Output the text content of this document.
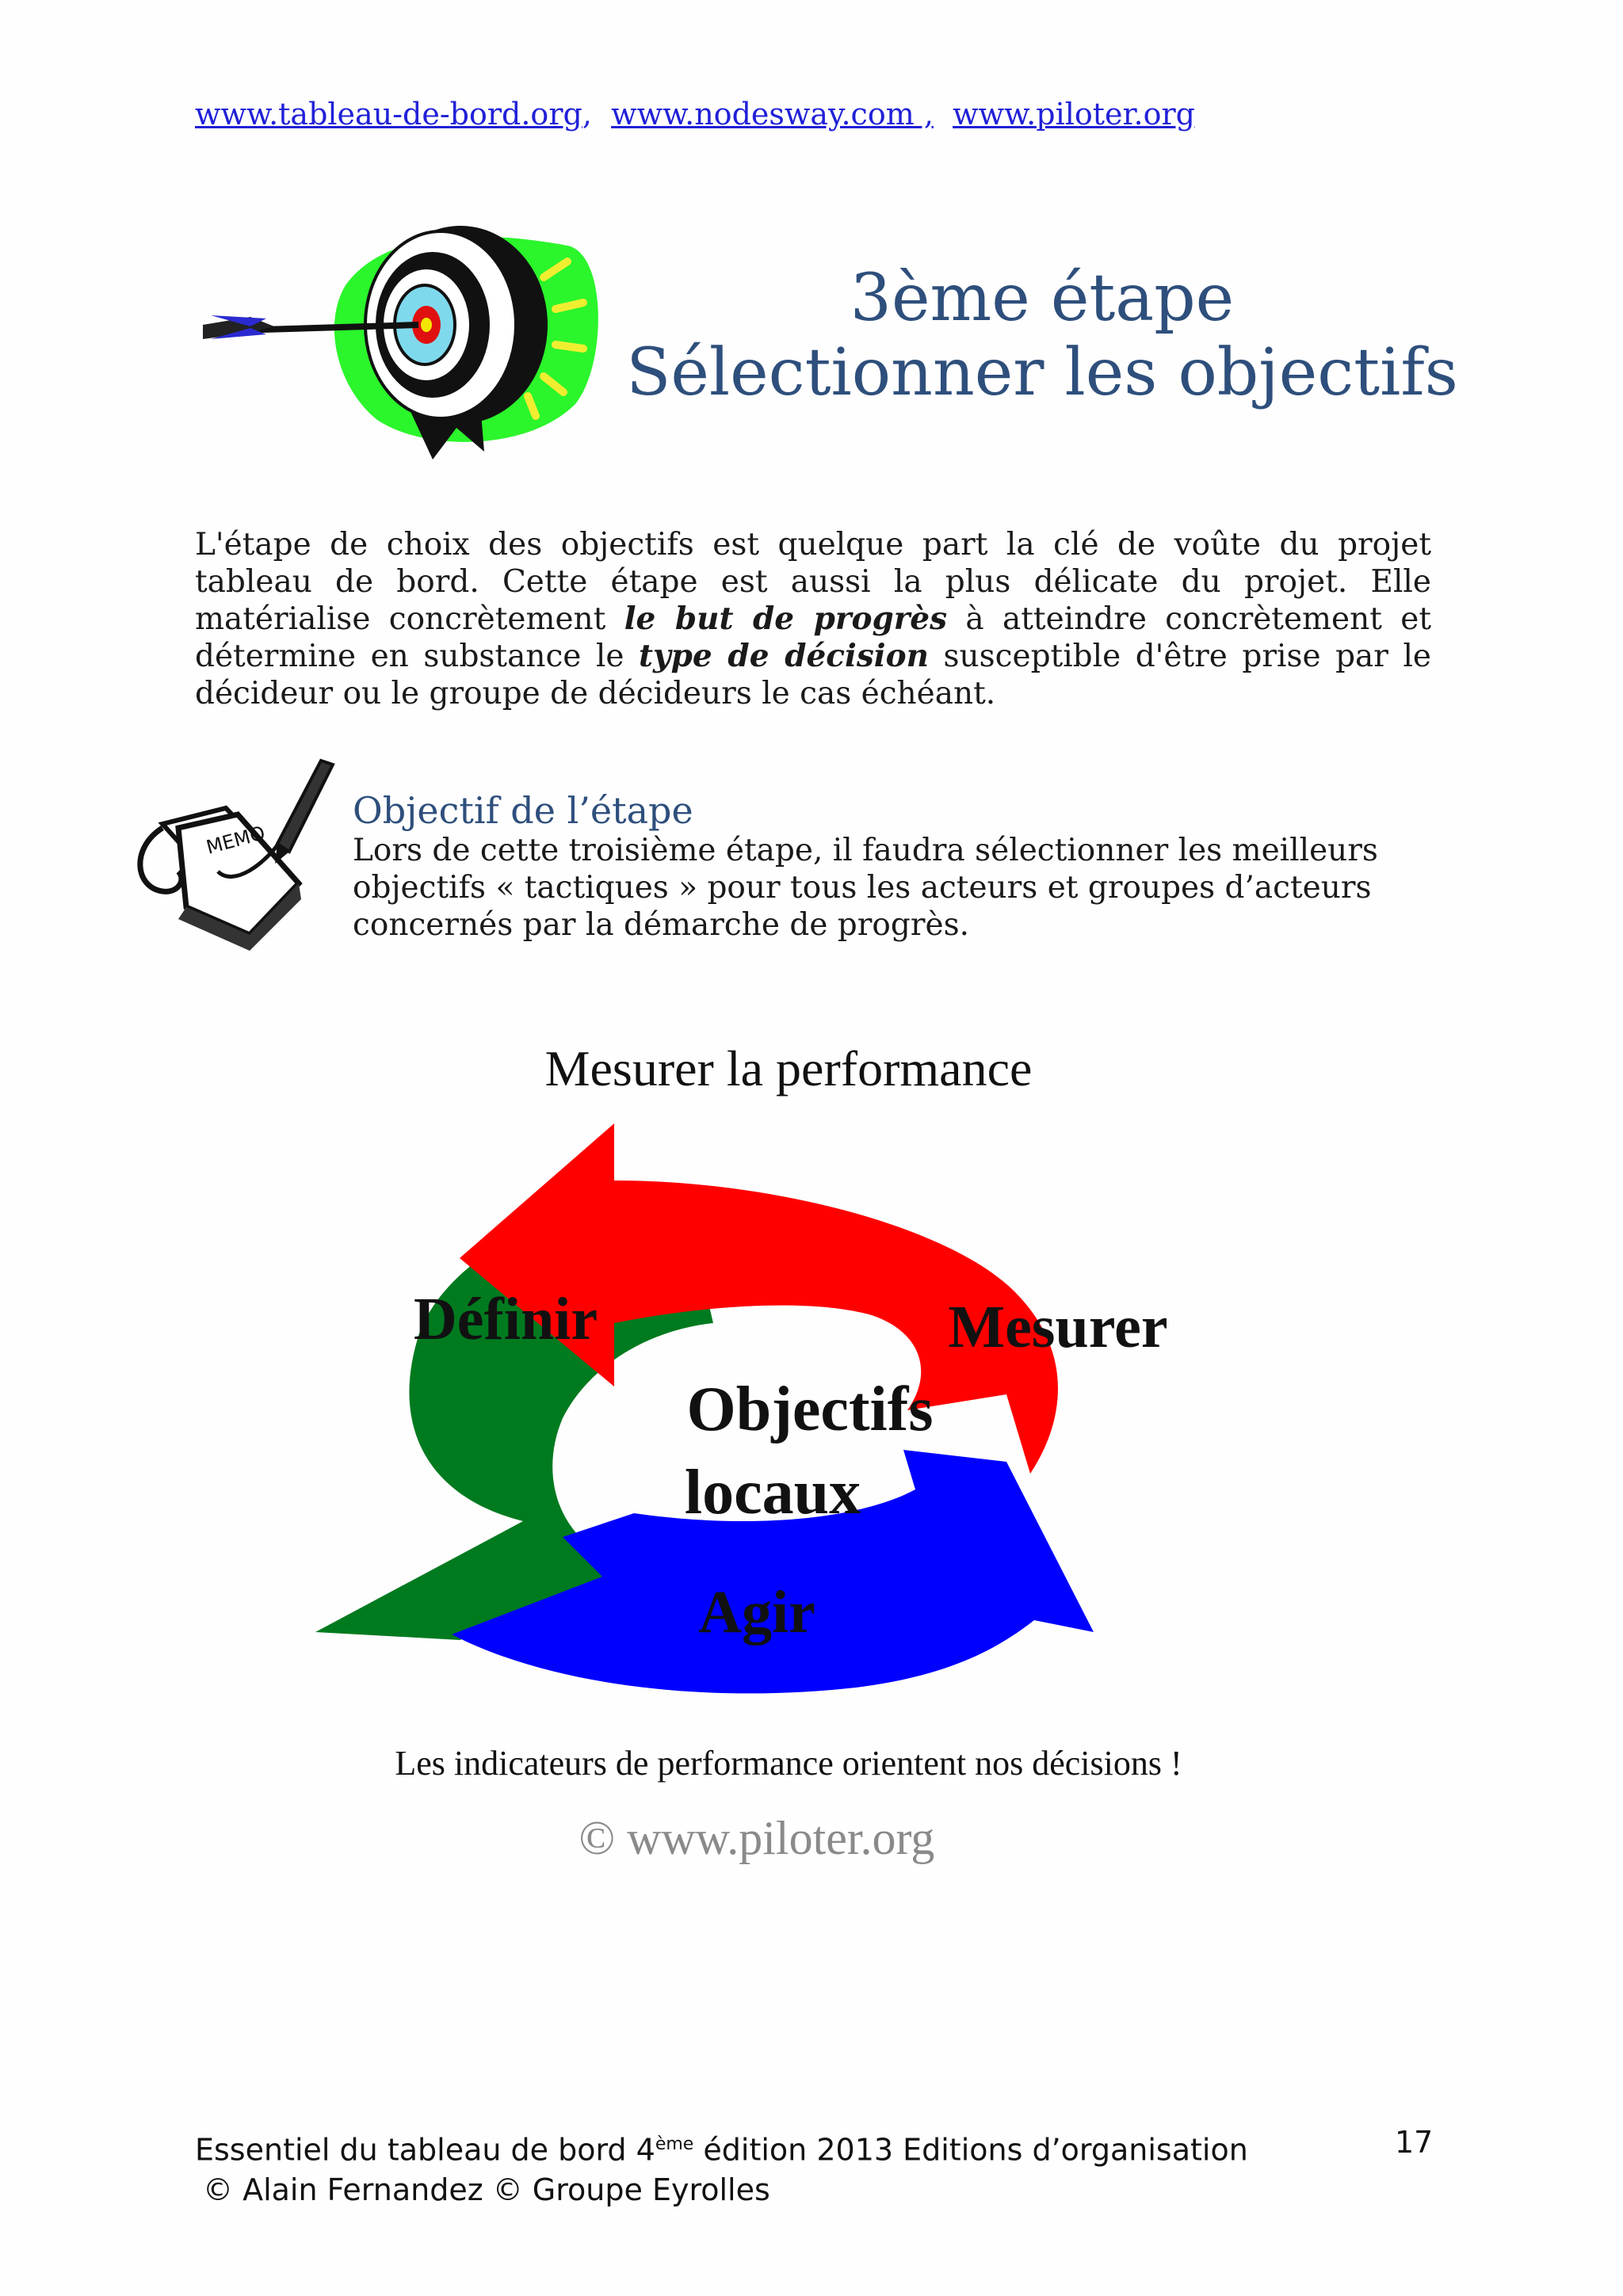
www.tableau-de-bord.org,  www.nodesway.com , www.piloter.org
3ème étape
Sélectionner les objectifs
L'étape de choix des objectifs est quelque part la clé de voûte du projet tableau de bord. Cette étape est aussi la plus délicate du projet. Elle matérialise concrètement le but de progrès à atteindre concrètement et détermine en substance le type de décision susceptible d'être prise par le décideur ou le groupe de décideurs le cas échéant.
MEMO
Objectif de l’étape
Lors de cette troisième étape, il faudra sélectionner les meilleurs objectifs « tactiques » pour tous les acteurs et groupes d’acteurs concernés par la démarche de progrès.
Mesurer la performance
Définir	Mesurer
Agir
Objectifs
locaux
Les indicateurs de performance orientent nos décisions !
© www.piloter.org
Essentiel du tableau de bord 4ème édition 2013 Editions d’organisation
© Alain Fernandez © Groupe Eyrolles
17
